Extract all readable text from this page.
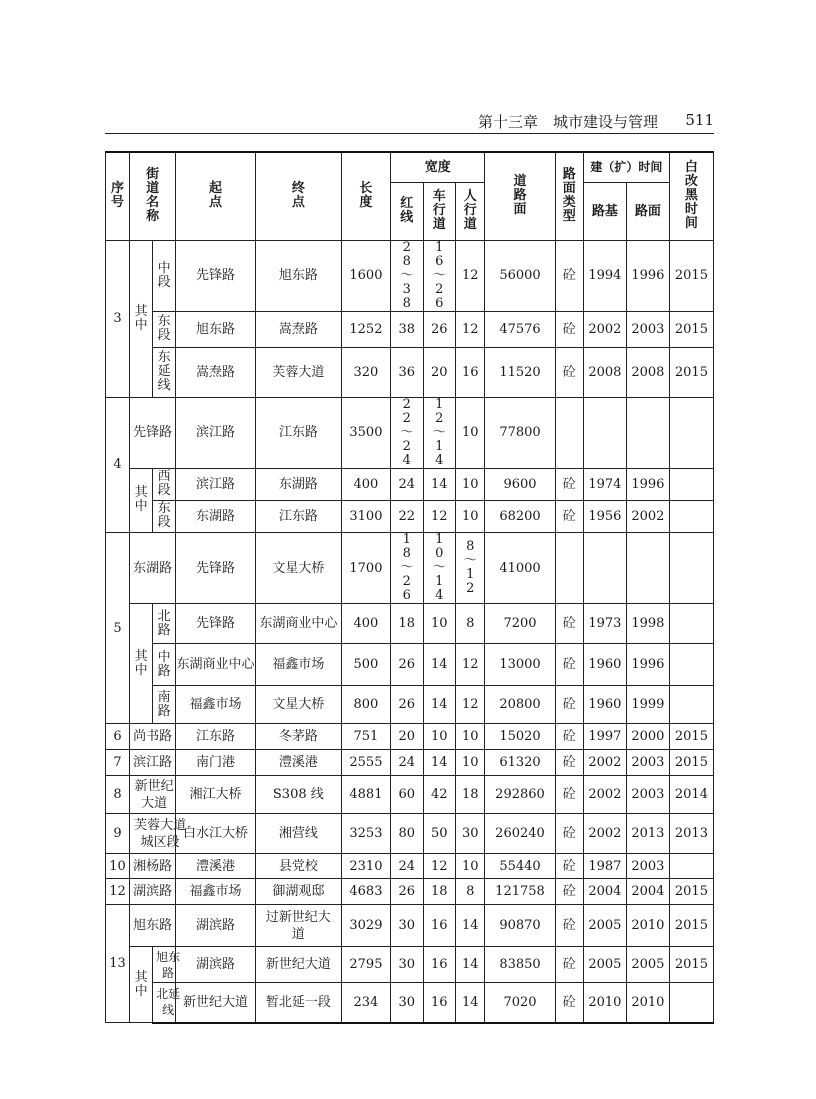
第十三章　城市建设与管理 511
序号	街道名称		起点	终点	长度	宽度			道路面	路面类型	建（扩）时间		白改黑时间
						红线	车行道	人行道			路基	路面	
3	其中	中段	先锋路	旭东路	1600	28～38	16～26	12	56000	砼	1994	1996	2015
		东段	旭东路	嵩焘路	1252	38	26	12	47576	砼	2002	2003	2015
		东延线	嵩焘路	芙蓉大道	320	36	20	16	11520	砼	2008	2008	2015
4	先锋路		滨江路	江东路	3500	22～24	12～14	10	77800				
	其中	西段	滨江路	东湖路	400	24	14	10	9600	砼	1974	1996	
		东段	东湖路	江东路	3100	22	12	10	68200	砼	1956	2002	
5	东湖路		先锋路	文星大桥	1700	18～26	10～14	8～12	41000				
	其中	北路	先锋路	东湖商业中心	400	18	10	8	7200	砼	1973	1998	
		中路	东湖商业中心	福鑫市场	500	26	14	12	13000	砼	1960	1996	
		南路	福鑫市场	文星大桥	800	26	14	12	20800	砼	1960	1999	
6	尚书路		江东路	冬茅路	751	20	10	10	15020	砼	1997	2000	2015
7	滨江路		南门港	澧溪港	2555	24	14	10	61320	砼	2002	2003	2015
8	新世纪大道		湘江大桥	S308 线	4881	60	42	18	292860	砼	2002	2003	2014
9	芙蓉大道城区段		白水江大桥	湘营线	3253	80	50	30	260240	砼	2002	2013	2013
10	湘杨路		澧溪港	县党校	2310	24	12	10	55440	砼	1987	2003	
12	湖滨路		福鑫市场	御湖观邸	4683	26	18	8	121758	砼	2004	2004	2015
13	旭东路		湖滨路	过新世纪大道	3029	30	16	14	90870	砼	2005	2010	2015
	其中	旭东路	湖滨路	新世纪大道	2795	30	16	14	83850	砼	2005	2005	2015

		北延线	新世纪大道	暂北延一段	234	30	16	14	7020	砼	2010	2010	
